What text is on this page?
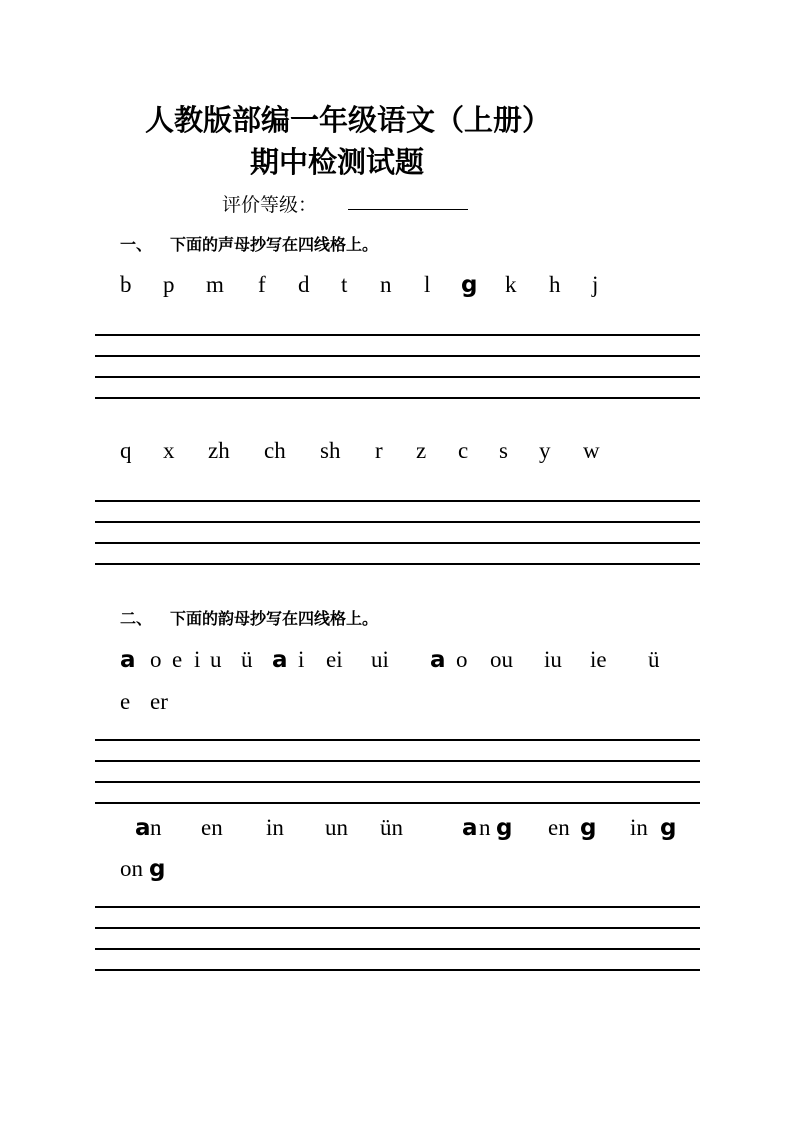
人教版部编一年级语文（上册）
期中检测试题
评价等级：
一、 下面的声母抄写在四线格上。
b p m f d t n l g k h j
q x zh ch sh r z c s y w
二、 下面的韵母抄写在四线格上。
a o e i u ü a i ei ui a o ou iu ie ü
e er
a n en in un ün	a n g en g in g
on g
